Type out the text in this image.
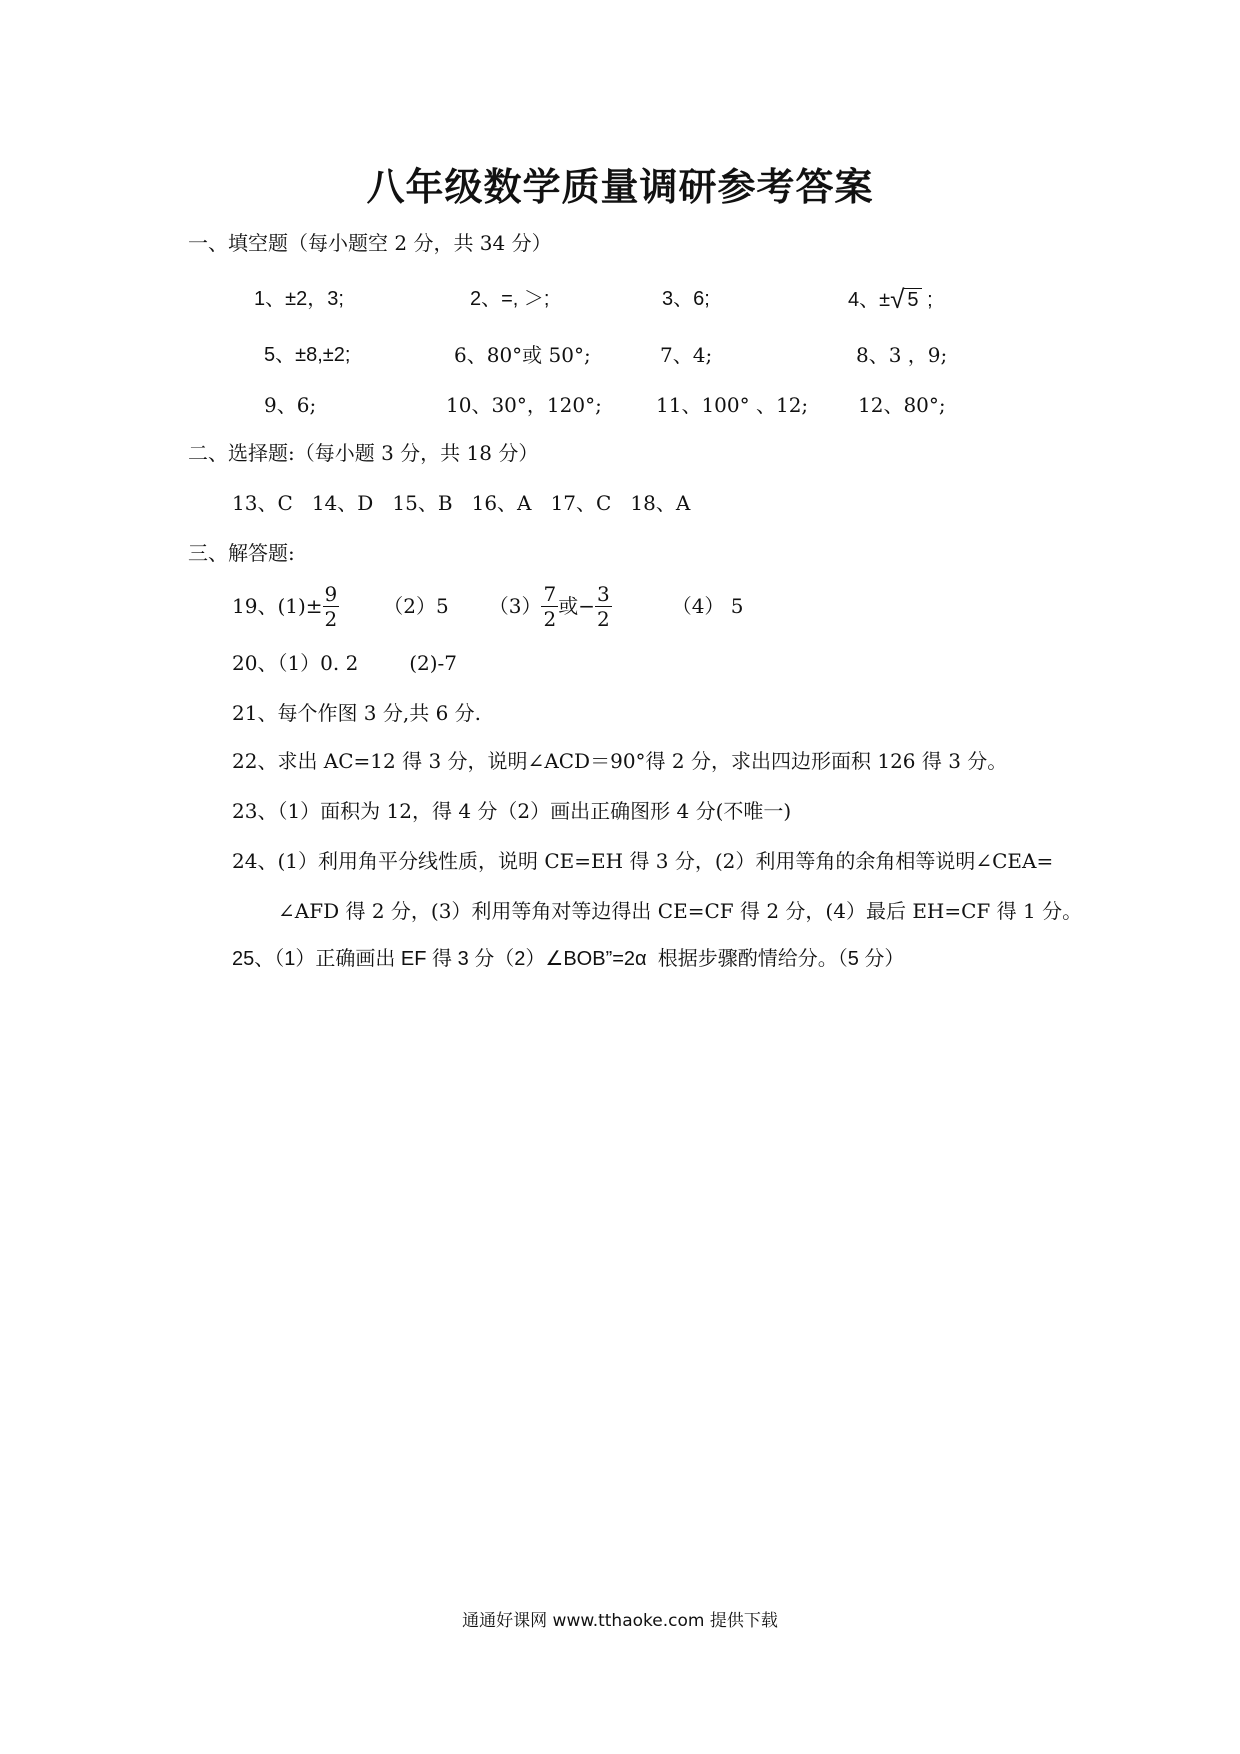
八年级数学质量调研参考答案
一、填空题（每小题空 2 分，共 34 分）
1、±2，3;	2、=, ＞;	3、6;	4、±√ 5 ;
5、±8,±2;	6、80°或 50°;	7、4;	8、3 ，9;
9、6;	10、30°，120°;	11、100° 、12; 12、80°;
二、选择题:（每小题 3 分，共 18 分）
13、C   14、D   15、B   16、A   17、C   18、A
三、解答题:
19、$(1)\pm \frac{9}{2} (2)5$ $(3) \frac{7}{2}$ 或− $\frac{3}{2}$	（4） 5
20、（1）0. 2        (2)-7
21、每个作图 3 分,共 6 分.
22、求出 AC=12 得 3 分，说明∠ACD＝90°得 2 分，求出四边形面积 126 得 3 分。
23、（1）面积为 12，得 4 分（2）画出正确图形 4 分(不唯一)
24、(1）利用角平分线性质，说明 CE=EH 得 3 分，(2）利用等角的余角相等说明∠CEA=
∠AFD 得 2 分，(3）利用等角对等边得出 CE=CF 得 2 分，(4）最后 EH=CF 得 1 分。
25、（1）正确画出 EF 得 3 分（2）∠BOB”=2α  根据步骤酌情给分。（5 分）
通通好课网 www.tthaoke.com 提供下载
